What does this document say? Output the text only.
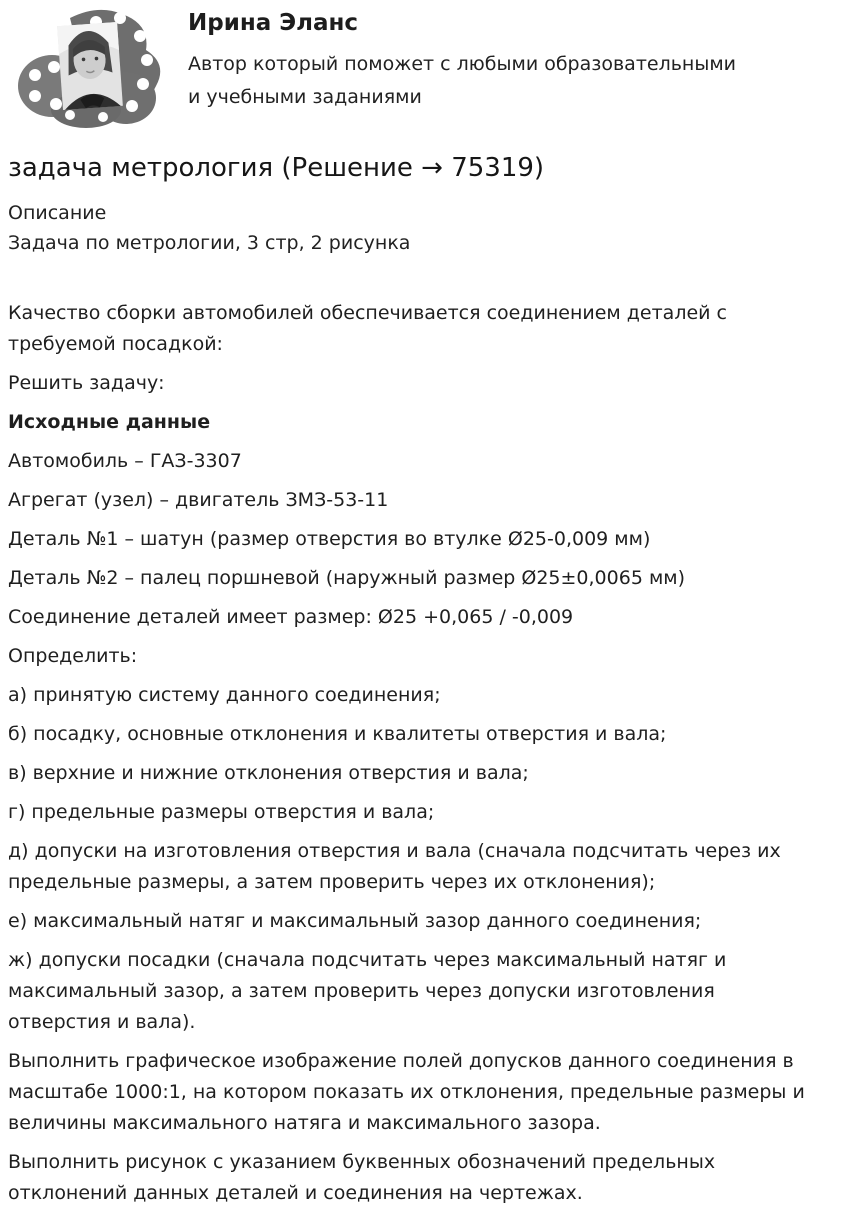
Ирина Эланс

Автор который поможет с любыми образовательными и учебными заданиями

задача метрология (Решение → 75319)

Описание

Задача по метрологии, 3 стр, 2 рисунка

Качество сборки автомобилей обеспечивается соединением деталей с требуемой посадкой:

Решить задачу:

Исходные данные

Автомобиль – ГАЗ-3307

Агрегат (узел) – двигатель ЗМЗ-53-11

Деталь №1 – шатун (размер отверстия во втулке Ø25-0,009 мм)

Деталь №2 – палец поршневой (наружный размер Ø25±0,0065 мм)

Соединение деталей имеет размер: Ø25 +0,065 / -0,009

Определить:

а) принятую систему данного соединения;

б) посадку, основные отклонения и квалитеты отверстия и вала;

в) верхние и нижние отклонения отверстия и вала;

г) предельные размеры отверстия и вала;

д) допуски на изготовления отверстия и вала (сначала подсчитать через их предельные размеры, а затем проверить через их отклонения);

е) максимальный натяг и максимальный зазор данного соединения;

ж) допуски посадки (сначала подсчитать через максимальный натяг и максимальный зазор, а затем проверить через допуски изготовления отверстия и вала).

Выполнить графическое изображение полей допусков данного соединения в масштабе 1000:1, на котором показать их отклонения, предельные размеры и величины максимального натяга и максимального зазора.

Выполнить рисунок с указанием буквенных обозначений предельных отклонений данных деталей и соединения на чертежах.
